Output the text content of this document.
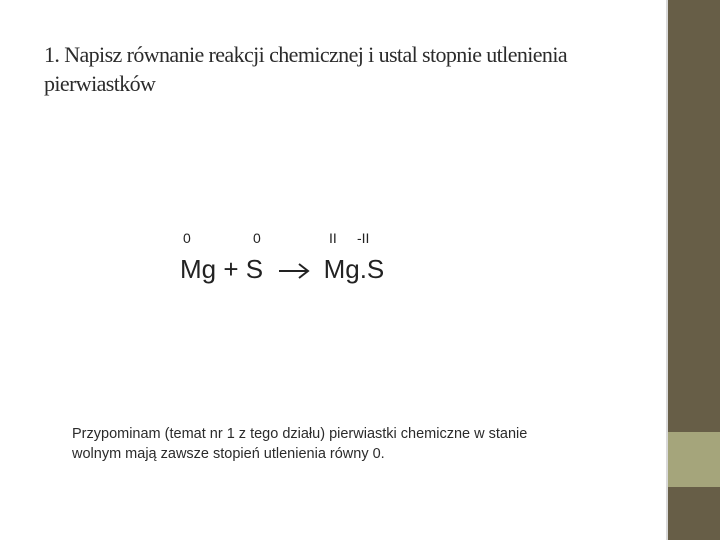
1. Napisz równanie reakcji chemicznej i ustal stopnie utlenienia
pierwiastków
0	0	II -II
Mg + S Mg.S
Przypominam (temat nr 1 z tego działu) pierwiastki chemiczne w stanie
wolnym mają zawsze stopień utlenienia równy 0.
